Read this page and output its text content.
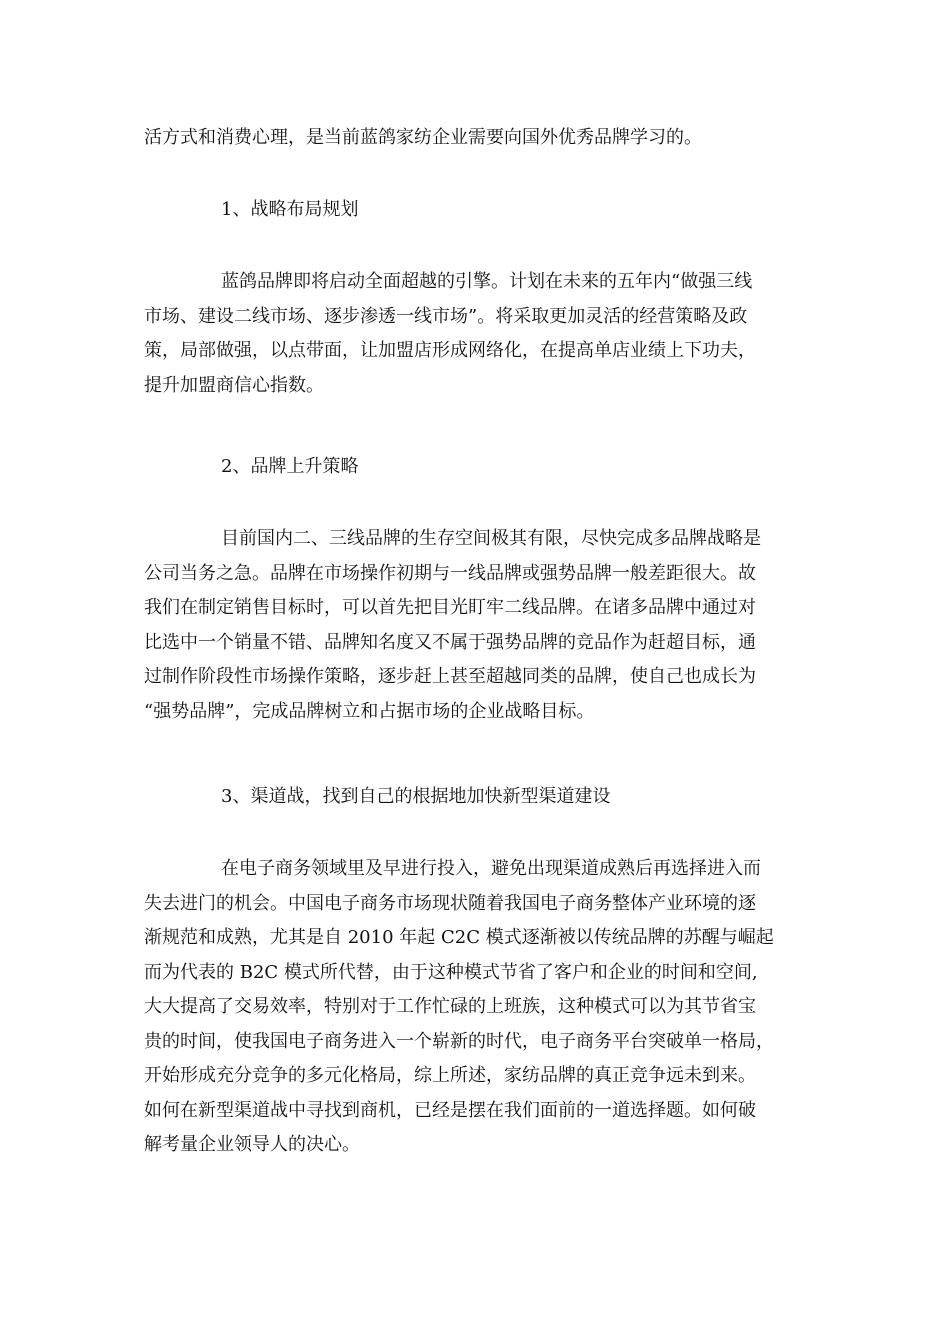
活方式和消费心理，是当前蓝鸽家纺企业需要向国外优秀品牌学习的。
1、战略布局规划
蓝鸽品牌即将启动全面超越的引擎。计划在未来的五年内“做强三线
市场、建设二线市场、逐步渗透一线市场”。将采取更加灵活的经营策略及政
策，局部做强，以点带面，让加盟店形成网络化，在提高单店业绩上下功夫，
提升加盟商信心指数。
2、品牌上升策略
目前国内二、三线品牌的生存空间极其有限，尽快完成多品牌战略是
公司当务之急。品牌在市场操作初期与一线品牌或强势品牌一般差距很大。故
我们在制定销售目标时，可以首先把目光盯牢二线品牌。在诸多品牌中通过对
比选中一个销量不错、品牌知名度又不属于强势品牌的竞品作为赶超目标，通
过制作阶段性市场操作策略，逐步赶上甚至超越同类的品牌，使自己也成长为
“强势品牌”，完成品牌树立和占据市场的企业战略目标。
3、渠道战，找到自己的根据地加快新型渠道建设
在电子商务领域里及早进行投入，避免出现渠道成熟后再选择进入而
失去进门的机会。中国电子商务市场现状随着我国电子商务整体产业环境的逐
渐规范和成熟，尤其是自 2010 年起 C2C 模式逐渐被以传统品牌的苏醒与崛起
而为代表的 B2C 模式所代替，由于这种模式节省了客户和企业的时间和空间,
大大提高了交易效率，特别对于工作忙碌的上班族，这种模式可以为其节省宝
贵的时间，使我国电子商务进入一个崭新的时代，电子商务平台突破单一格局，
开始形成充分竞争的多元化格局，综上所述，家纺品牌的真正竞争远未到来。
如何在新型渠道战中寻找到商机，已经是摆在我们面前的一道选择题。如何破
解考量企业领导人的决心。
